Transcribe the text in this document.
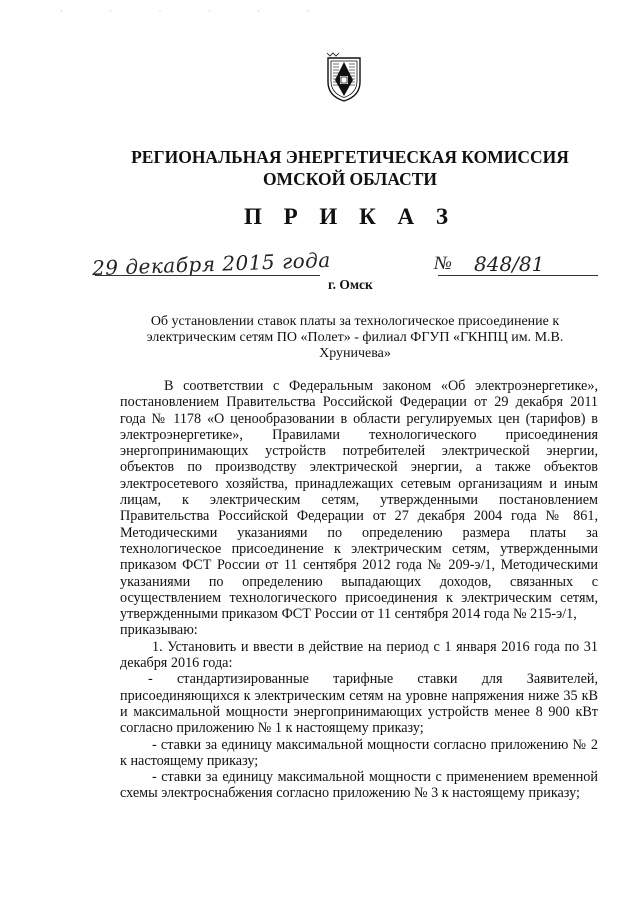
· · · · · ·
РЕГИОНАЛЬНАЯ ЭНЕРГЕТИЧЕСКАЯ КОМИССИЯ
ОМСКОЙ ОБЛАСТИ
П Р И К А З
29 декабря 2015 года
г. Омск
№ 848/81
Об установлении ставок платы за технологическое присоединение к электрическим сетям ПО «Полет» - филиал ФГУП «ГКНПЦ им. М.В. Хруничева»

В соответствии с Федеральным законом «Об электроэнергетике», постановлением Правительства Российской Федерации от 29 декабря 2011 года № 1178 «О ценообразовании в области регулируемых цен (тарифов) в электроэнергетике», Правилами технологического присоединения энергопринимающих устройств потребителей электрической энергии, объектов по производству электрической энергии, а также объектов электросетевого хозяйства, принадлежащих сетевым организациям и иным лицам, к электрическим сетям, утвержденными постановлением Правительства Российской Федерации от 27 декабря 2004 года № 861, Методическими указаниями по определению размера платы за технологическое присоединение к электрическим сетям, утвержденными приказом ФСТ России от 11 сентября 2012 года № 209-э/1, Методическими указаниями по определению выпадающих доходов, связанных с осуществлением технологического присоединения к электрическим сетям, утвержденными приказом ФСТ России от 11 сентября 2014 года № 215-э/1,

приказываю:

1. Установить и ввести в действие на период с 1 января 2016 года по 31 декабря 2016 года:

- стандартизированные тарифные ставки для Заявителей, присоединяющихся к электрическим сетям на уровне напряжения ниже 35 кВ и максимальной мощности энергопринимающих устройств менее 8 900 кВт согласно приложению № 1 к настоящему приказу;

- ставки за единицу максимальной мощности согласно приложению № 2 к настоящему приказу;

- ставки за единицу максимальной мощности с применением временной схемы электроснабжения согласно приложению № 3 к настоящему приказу;
